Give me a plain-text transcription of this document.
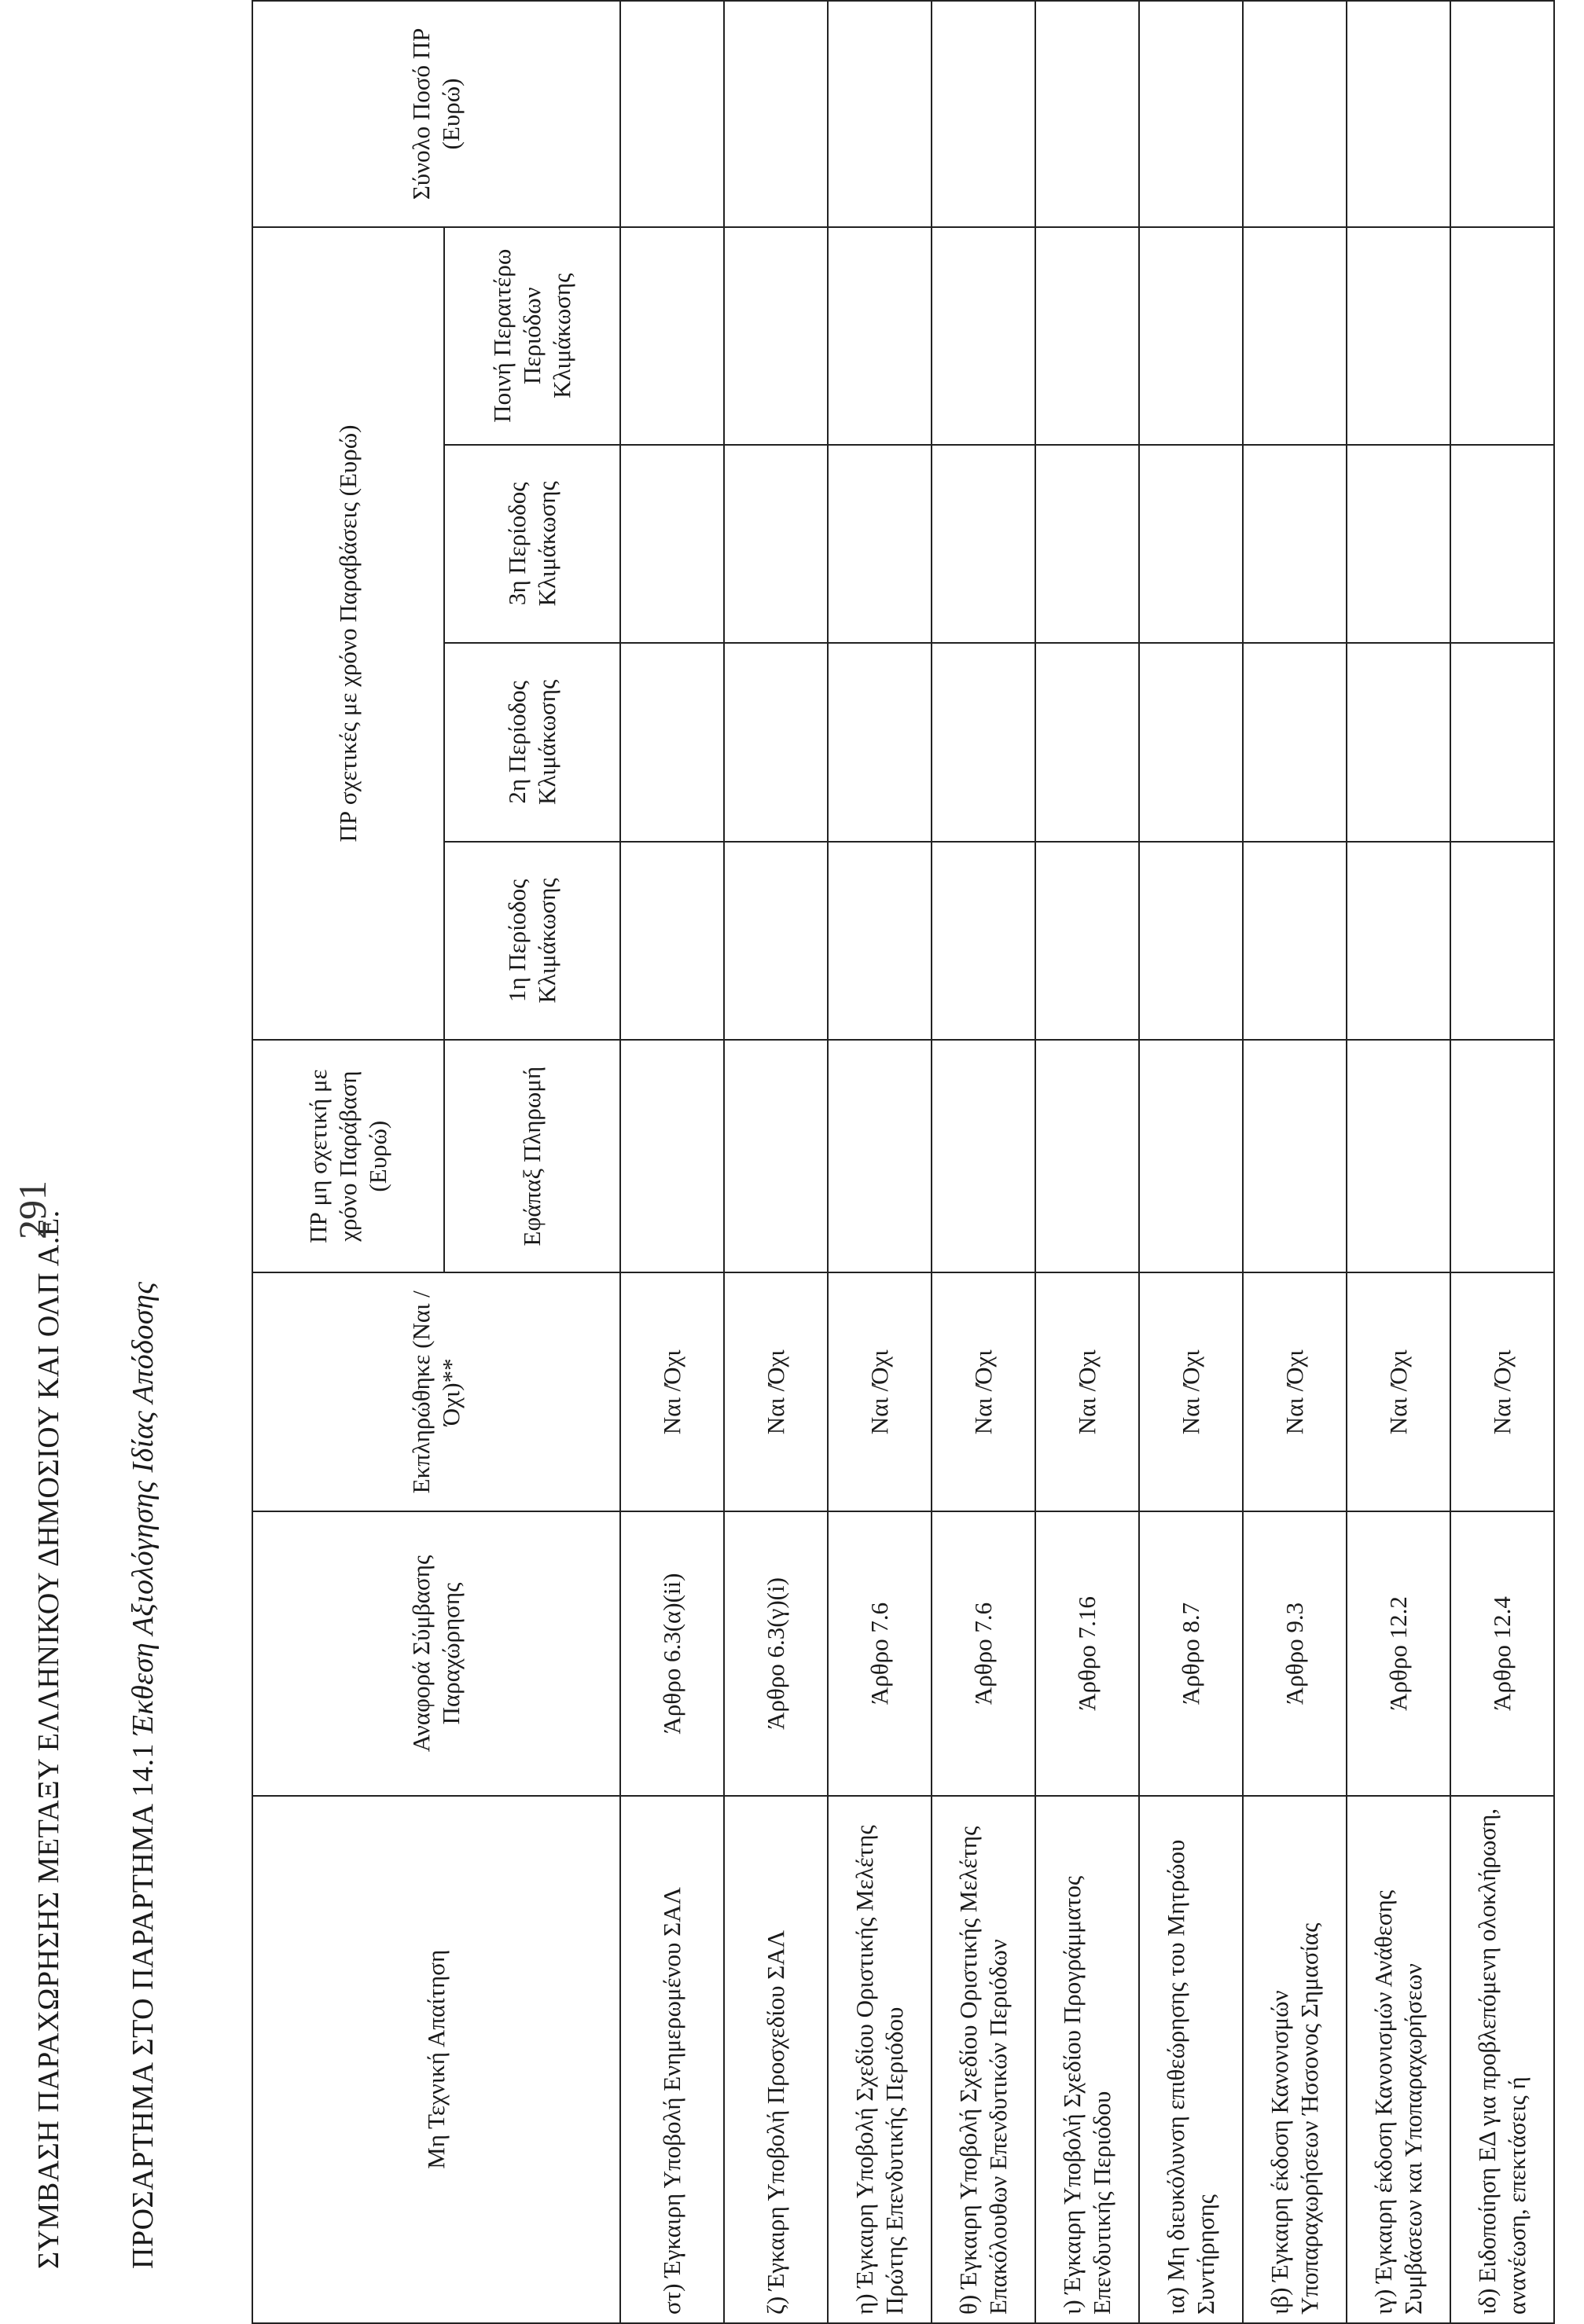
ΣΥΜΒΑΣΗ ΠΑΡΑΧΩΡΗΣΗΣ ΜΕΤΑΞΥ ΕΛΛΗΝΙΚΟΥ ΔΗΜΟΣΙΟΥ ΚΑΙ ΟΛΠ Α.Ε.
291
ΠΡΟΣΑΡΤΗΜΑ ΣΤΟ ΠΑΡΑΡΤΗΜΑ 14.1 Έκθεση Αξιολόγησης Ιδίας Απόδοσης
Μη Τεχνική Απαίτηση	Αναφορά Σύμβασης Παραχώρησης	Εκπληρώθηκε (Ναι /Όχι)**	ΠΡ μη σχετική με χρόνο Παράβαση (Ευρώ)	ΠΡ σχετικές με χρόνο Παραβάσεις (Ευρώ)				Σύνολο Ποσό ΠΡ (Ευρώ)
			Εφάπαξ Πληρωμή	1η Περίοδος Κλιμάκωσης	2η Περίοδος Κλιμάκωσης	3η Περίοδος Κλιμάκωσης	Ποινή Περαιτέρω Περιόδων Κλιμάκωσης	
στ) Έγκαιρη Υποβολή Ενημερωμένου ΣΑΛ	Άρθρο 6.3(α)(ii)	Ναι /Όχι						
ζ) Έγκαιρη Υποβολή Προσχεδίου ΣΑΛ	Άρθρο 6.3(γ)(i)	Ναι /Όχι						
η) Έγκαιρη Υποβολή Σχεδίου Οριστικής Μελέτης Πρώτης Επενδυτικής Περιόδου	Άρθρο 7.6	Ναι /Όχι						
θ) Έγκαιρη Υποβολή Σχεδίου Οριστικής Μελέτης Επακόλουθων Επενδυτικών Περιόδων	Άρθρο 7.6	Ναι /Όχι						
ι) Έγκαιρη Υποβολή Σχεδίου Προγράμματος Επενδυτικής Περιόδου	Άρθρο 7.16	Ναι /Όχι						
ια) Μη διευκόλυνση επιθεώρησης του Μητρώου Συντήρησης	Άρθρο 8.7	Ναι /Όχι						
ιβ) Έγκαιρη έκδοση Κανονισμών Υποπαραχωρήσεων Ήσσονος Σημασίας	Άρθρο 9.3	Ναι /Όχι						
ιγ) Έγκαιρη έκδοση Κανονισμών Ανάθεσης Συμβάσεων και Υποπαραχωρήσεων	Άρθρο 12.2	Ναι /Όχι						
ιδ) Ειδοποίηση ΕΔ για προβλεπόμενη ολοκλήρωση, ανανέωση, επεκτάσεις ή	Άρθρο 12.4	Ναι /Όχι						
